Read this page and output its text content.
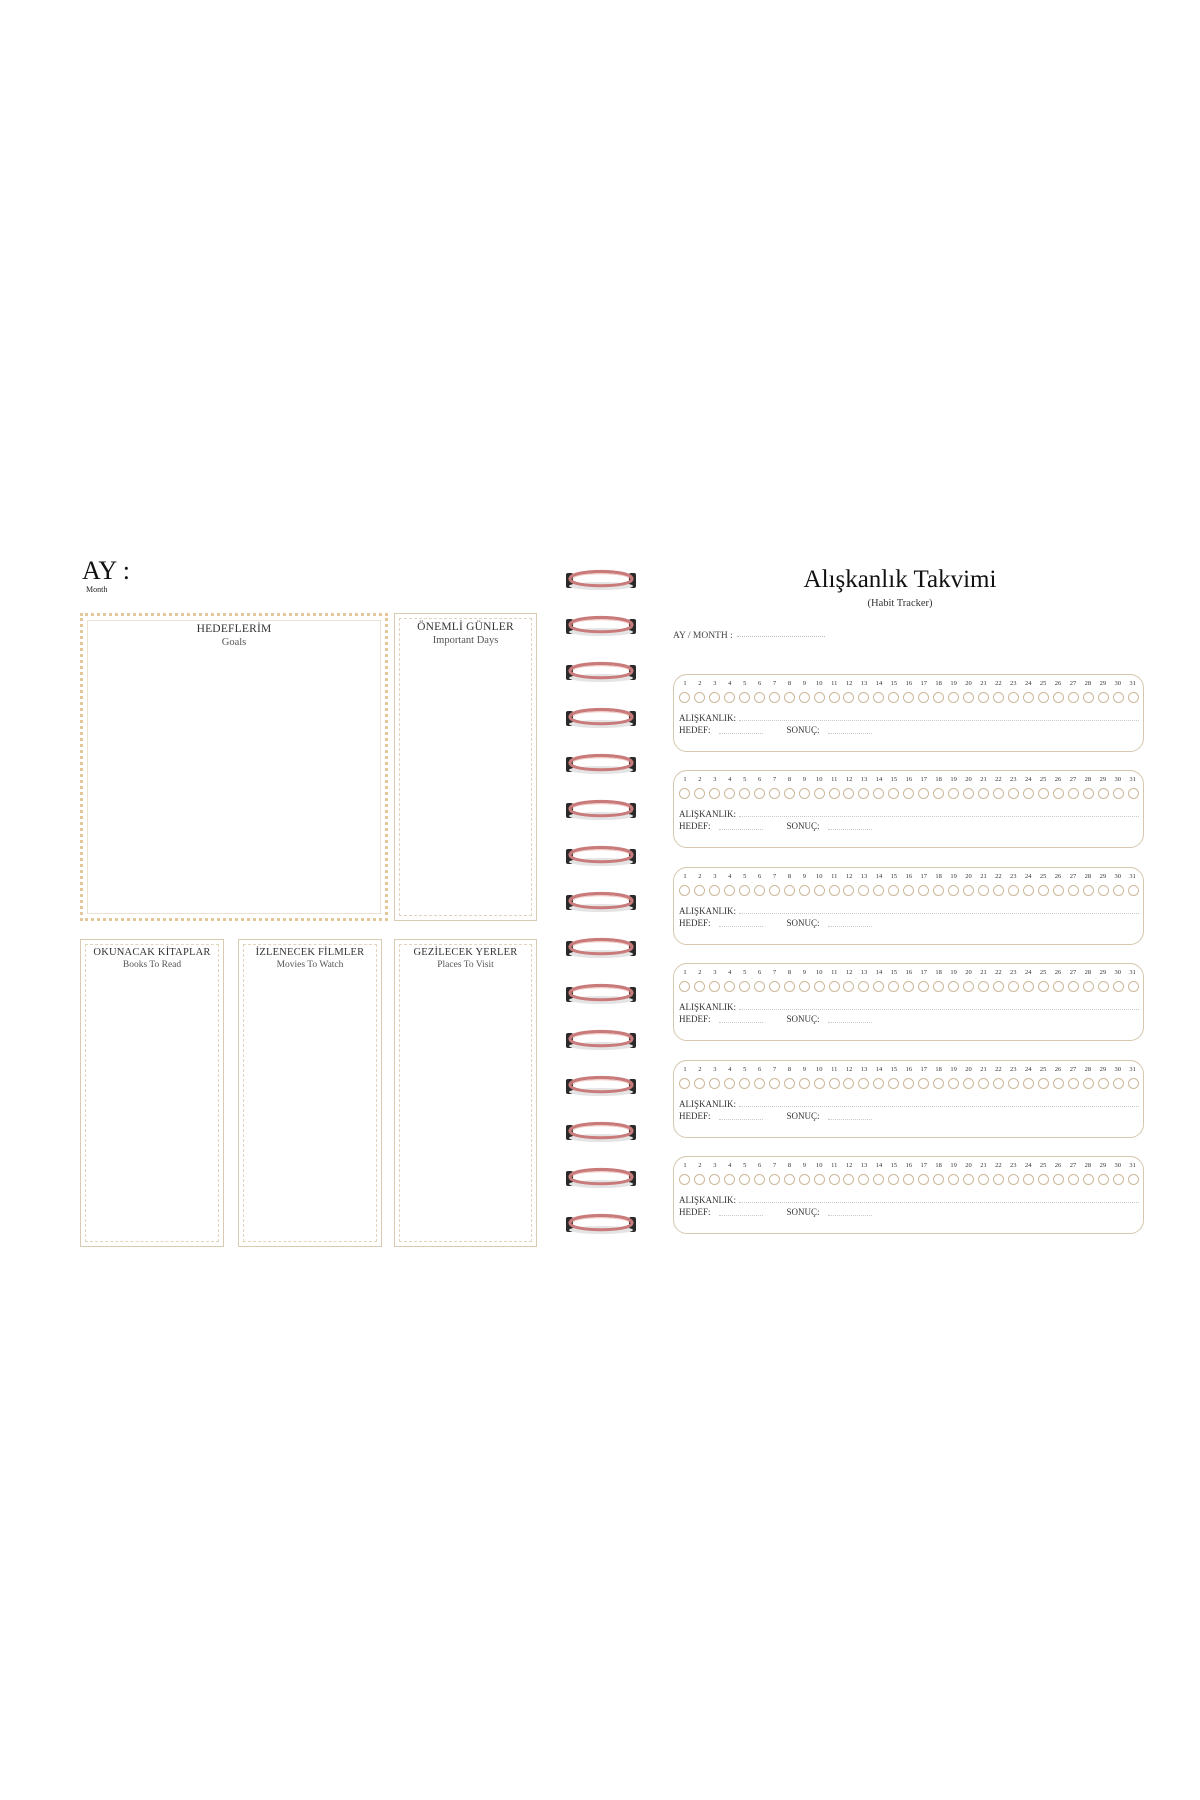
AY :
Month
HEDEFLERİM
Goals
ÖNEMLİ GÜNLER
Important Days
OKUNACAK KİTAPLAR
Books To Read
İZLENECEK FİLMLER
Movies To Watch
GEZİLECEK YERLER
Places To Visit
Alışkanlık Takvimi
(Habit Tracker)
AY / MONTH :
1	2	3	4	5	6	7	8	9	10	11	12	13	14	15	16	17	18	19	20	21	22	23	24	25	26	27	28	29	30	31
ALIŞKANLIK:
HEDEF:	SONUÇ:
1	2	3	4	5	6	7	8	9	10	11	12	13	14	15	16	17	18	19	20	21	22	23	24	25	26	27	28	29	30	31
ALIŞKANLIK:
HEDEF:	SONUÇ:
1	2	3	4	5	6	7	8	9	10	11	12	13	14	15	16	17	18	19	20	21	22	23	24	25	26	27	28	29	30	31
ALIŞKANLIK:
HEDEF:	SONUÇ:
1	2	3	4	5	6	7	8	9	10	11	12	13	14	15	16	17	18	19	20	21	22	23	24	25	26	27	28	29	30	31
ALIŞKANLIK:
HEDEF:	SONUÇ:
1	2	3	4	5	6	7	8	9	10	11	12	13	14	15	16	17	18	19	20	21	22	23	24	25	26	27	28	29	30	31
ALIŞKANLIK:
HEDEF:	SONUÇ:
1	2	3	4	5	6	7	8	9	10	11	12	13	14	15	16	17	18	19	20	21	22	23	24	25	26	27	28	29	30	31
ALIŞKANLIK:
HEDEF:	SONUÇ:
